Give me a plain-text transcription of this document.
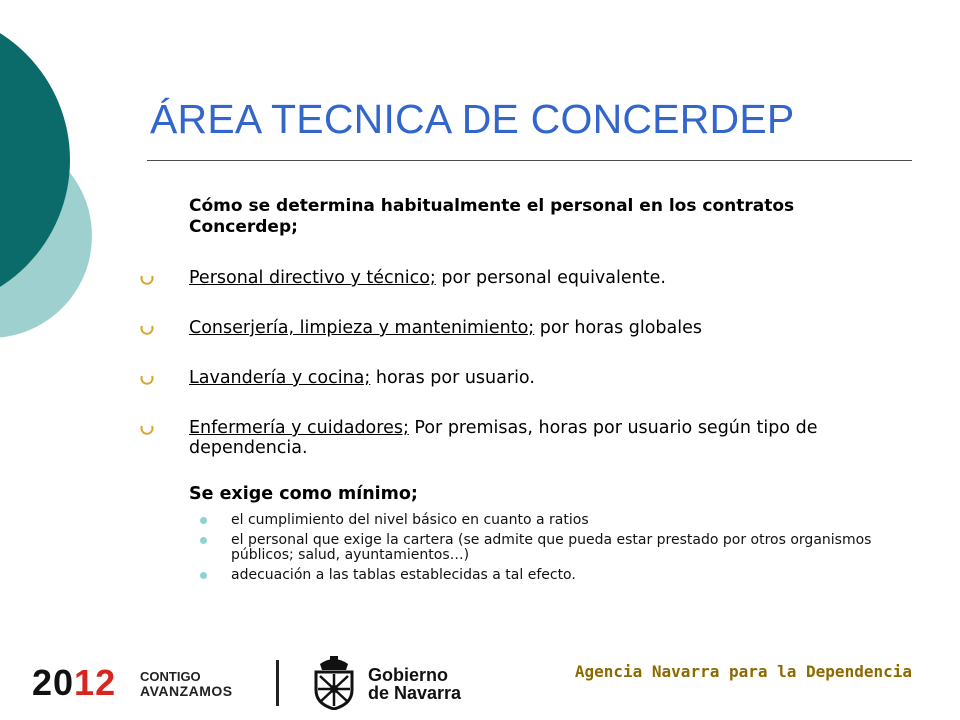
ÁREA TECNICA DE CONCERDEP
Cómo se determina habitualmente el personal en los contratos Concerdep;
Personal directivo y técnico; por personal equivalente.
Conserjería, limpieza y mantenimiento; por horas globales
Lavandería y cocina; horas por usuario.
Enfermería y cuidadores; Por premisas, horas por usuario según tipo de dependencia.
Se exige como mínimo;
el cumplimiento del nivel básico en cuanto a ratios
el personal que exige la cartera (se admite que pueda estar prestado por otros organismos públicos; salud, ayuntamientos…)
adecuación a las tablas establecidas a tal efecto.
2012 CONTIGO
AVANZAMOS
Gobierno
de Navarra
Agencia Navarra para la Dependencia
